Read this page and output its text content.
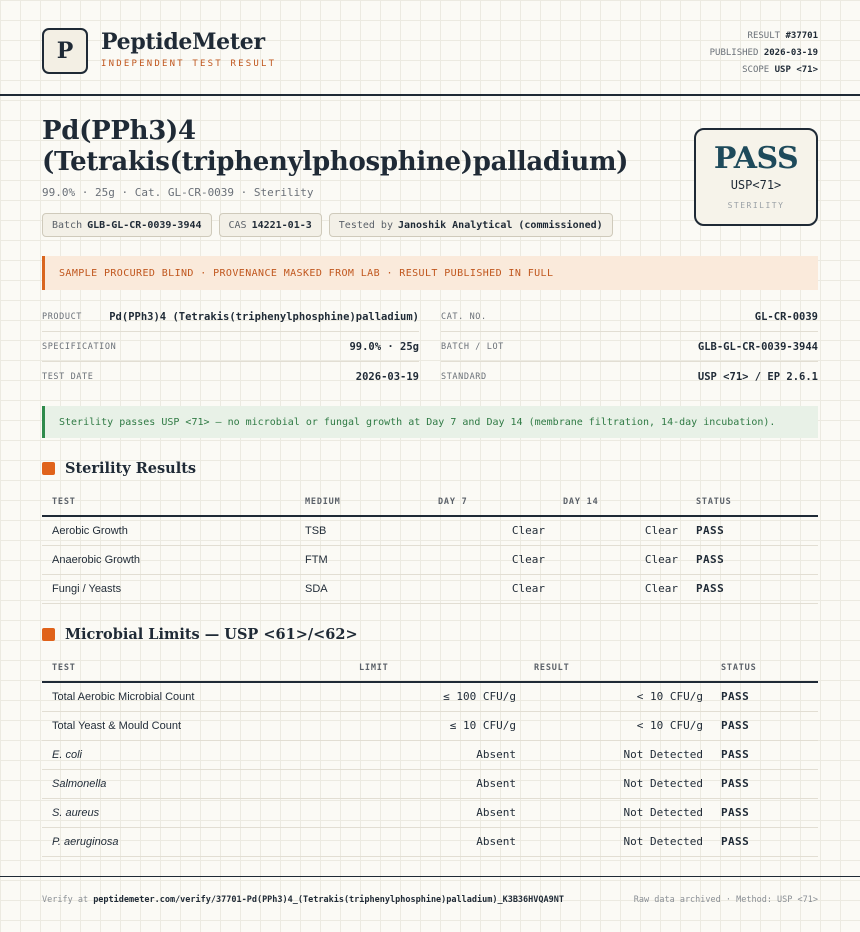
P	PeptideMeter
INDEPENDENT TEST RESULT
RESULT #37701
PUBLISHED 2026-03-19
SCOPE USP <71>
Pd(PPh3)4 (Tetrakis(triphenylphosphine)palladium)
99.0% · 25g · Cat. GL-CR-0039 · Sterility
Batch GLB-GL-CR-0039-3944	CAS 14221-01-3	Tested by Janoshik Analytical (commissioned)
PASS
USP<71>
STERILITY
SAMPLE PROCURED BLIND · PROVENANCE MASKED FROM LAB · RESULT PUBLISHED IN FULL
PRODUCT	Pd(PPh3)4 (Tetrakis(triphenylphosphine)palladium)
SPECIFICATION	99.0% · 25g
TEST DATE	2026-03-19
CAT. NO.	GL-CR-0039
BATCH / LOT	GLB-GL-CR-0039-3944
STANDARD	USP <71> / EP 2.6.1
Sterility passes USP <71> — no microbial or fungal growth at Day 7 and Day 14 (membrane filtration, 14-day incubation).
Sterility Results
TEST	MEDIUM	DAY 7	DAY 14	STATUS
Aerobic Growth	TSB	Clear	Clear	PASS
Anaerobic Growth	FTM	Clear	Clear	PASS
Fungi / Yeasts	SDA	Clear	Clear	PASS
Microbial Limits — USP <61>/<62>
TEST	LIMIT	RESULT	STATUS
Total Aerobic Microbial Count	≤ 100 CFU/g	< 10 CFU/g	PASS
Total Yeast & Mould Count	≤ 10 CFU/g	< 10 CFU/g	PASS
E. coli	Absent	Not Detected	PASS
Salmonella	Absent	Not Detected	PASS
S. aureus	Absent	Not Detected	PASS
P. aeruginosa	Absent	Not Detected	PASS
Verify at peptidemeter.com/verify/37701-Pd(PPh3)4_(Tetrakis(triphenylphosphine)palladium)_K3B36HVQA9NT	Raw data archived · Method: USP <71>
